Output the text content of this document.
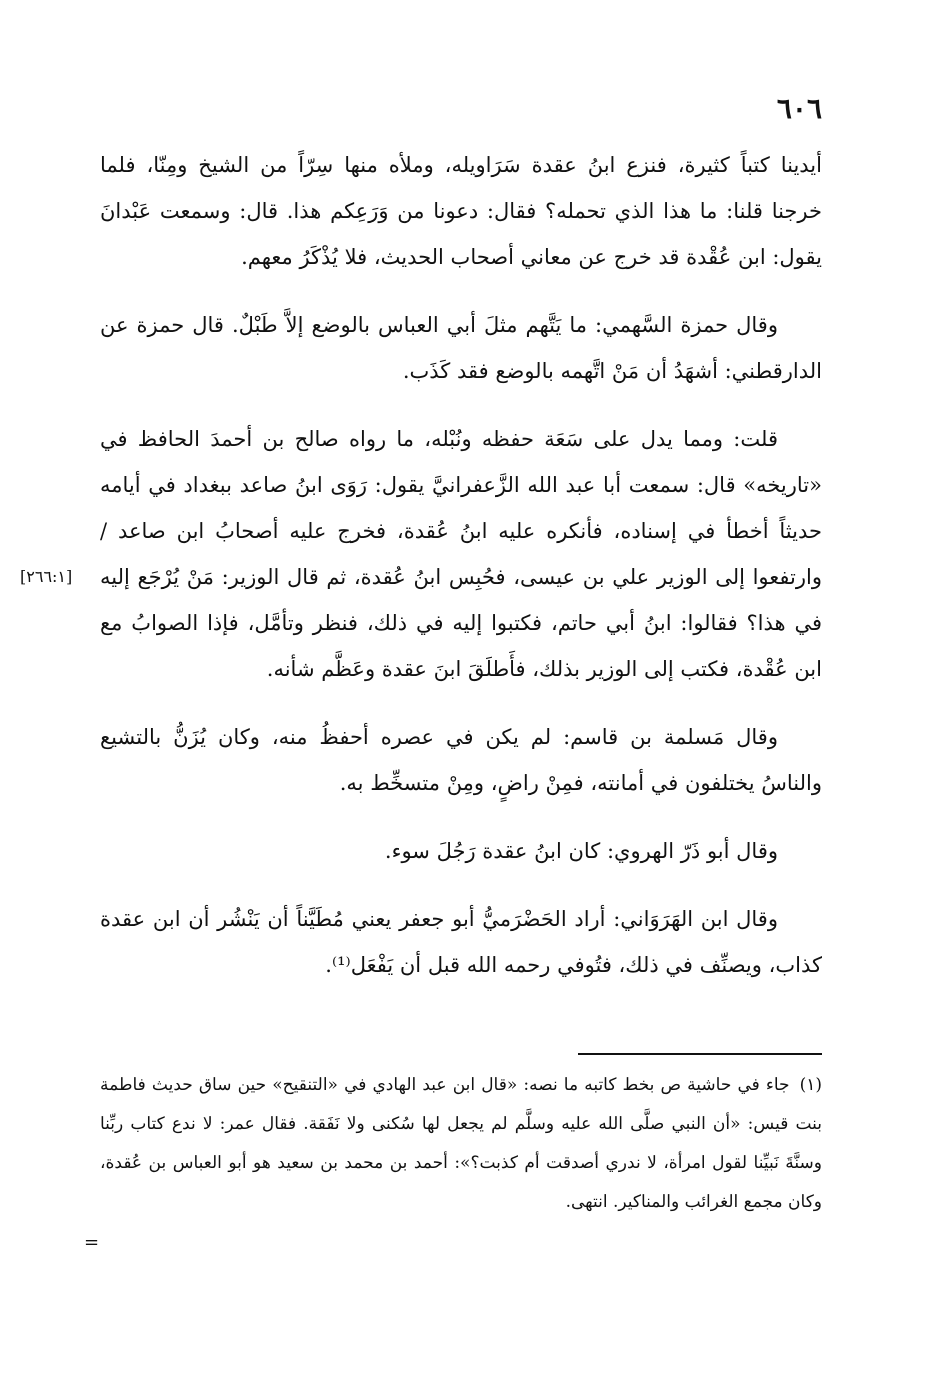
٦٠٦

أيدينا كتباً كثيرة، فنزع ابنُ عقدة سَرَاويله، وملأه منها سِرّاً من الشيخ ومِنّا، فلما خرجنا قلنا: ما هذا الذي تحمله؟ فقال: دعونا من وَرَعِكم هذا. قال: وسمعت عَبْدانَ يقول: ابن عُقْدة قد خرج عن معاني أصحاب الحديث، فلا يُذْكَرُ معهم.

وقال حمزة السَّهمي: ما يَتَّهم مثلَ أبي العباس بالوضع إلاَّ طَبْلٌ. قال حمزة عن الدارقطني: أشهَدُ أن مَنْ اتَّهمه بالوضع فقد كَذَب.

[٢٦٦:١]

قلت: ومما يدل على سَعَة حفظه ونُبْله، ما رواه صالح بن أحمدَ الحافظ في «تاريخه» قال: سمعت أبا عبد الله الزَّعفرانيَّ يقول: رَوَى ابنُ صاعد ببغداد في أيامه حديثاً أخطأ في إسناده، فأنكره عليه ابنُ عُقدة، فخرج عليه أصحابُ ابن صاعد / وارتفعوا إلى الوزير علي بن عيسى، فحُبِس ابنُ عُقدة، ثم قال الوزير: مَنْ يُرْجَع إليه في هذا؟ فقالوا: ابنُ أبي حاتم، فكتبوا إليه في ذلك، فنظر وتأمَّل، فإذا الصوابُ مع ابن عُقْدة، فكتب إلى الوزير بذلك، فأَطلَقَ ابنَ عقدة وعَظَّم شأنه.

وقال مَسلمة بن قاسم: لم يكن في عصره أحفظُ منه، وكان يُزَنُّ بالتشيع والناسُ يختلفون في أمانته، فمِنْ راضٍ، ومِنْ متسخِّط به.

وقال أبو ذَرّ الهروي: كان ابنُ عقدة رَجُلَ سوء.

وقال ابن الهَرَوَاني: أراد الحَضْرَميُّ أبو جعفر يعني مُطَيَّناً أن يَنْشُر أن ابن عقدة كذاب، ويصنِّف في ذلك، فتُوفي رحمه الله قبل أن يَفْعَل⁽¹⁾.

(١)جاء في حاشية ص بخط كاتبه ما نصه: «قال ابن عبد الهادي في «التنقيح» حين ساق حديث فاطمة بنت قيس: «أن النبي صلَّى الله عليه وسلَّم لم يجعل لها سُكنى ولا نَفَقة. فقال عمر: لا ندع كتاب ربِّنا وسنَّةَ نَبيِّنا لقول امرأة، لا ندري أصدقت أم كذبت؟»: أحمد بن محمد بن سعيد هو أبو العباس بن عُقدة، وكان مجمع الغرائب والمناكير. انتهى.
=
